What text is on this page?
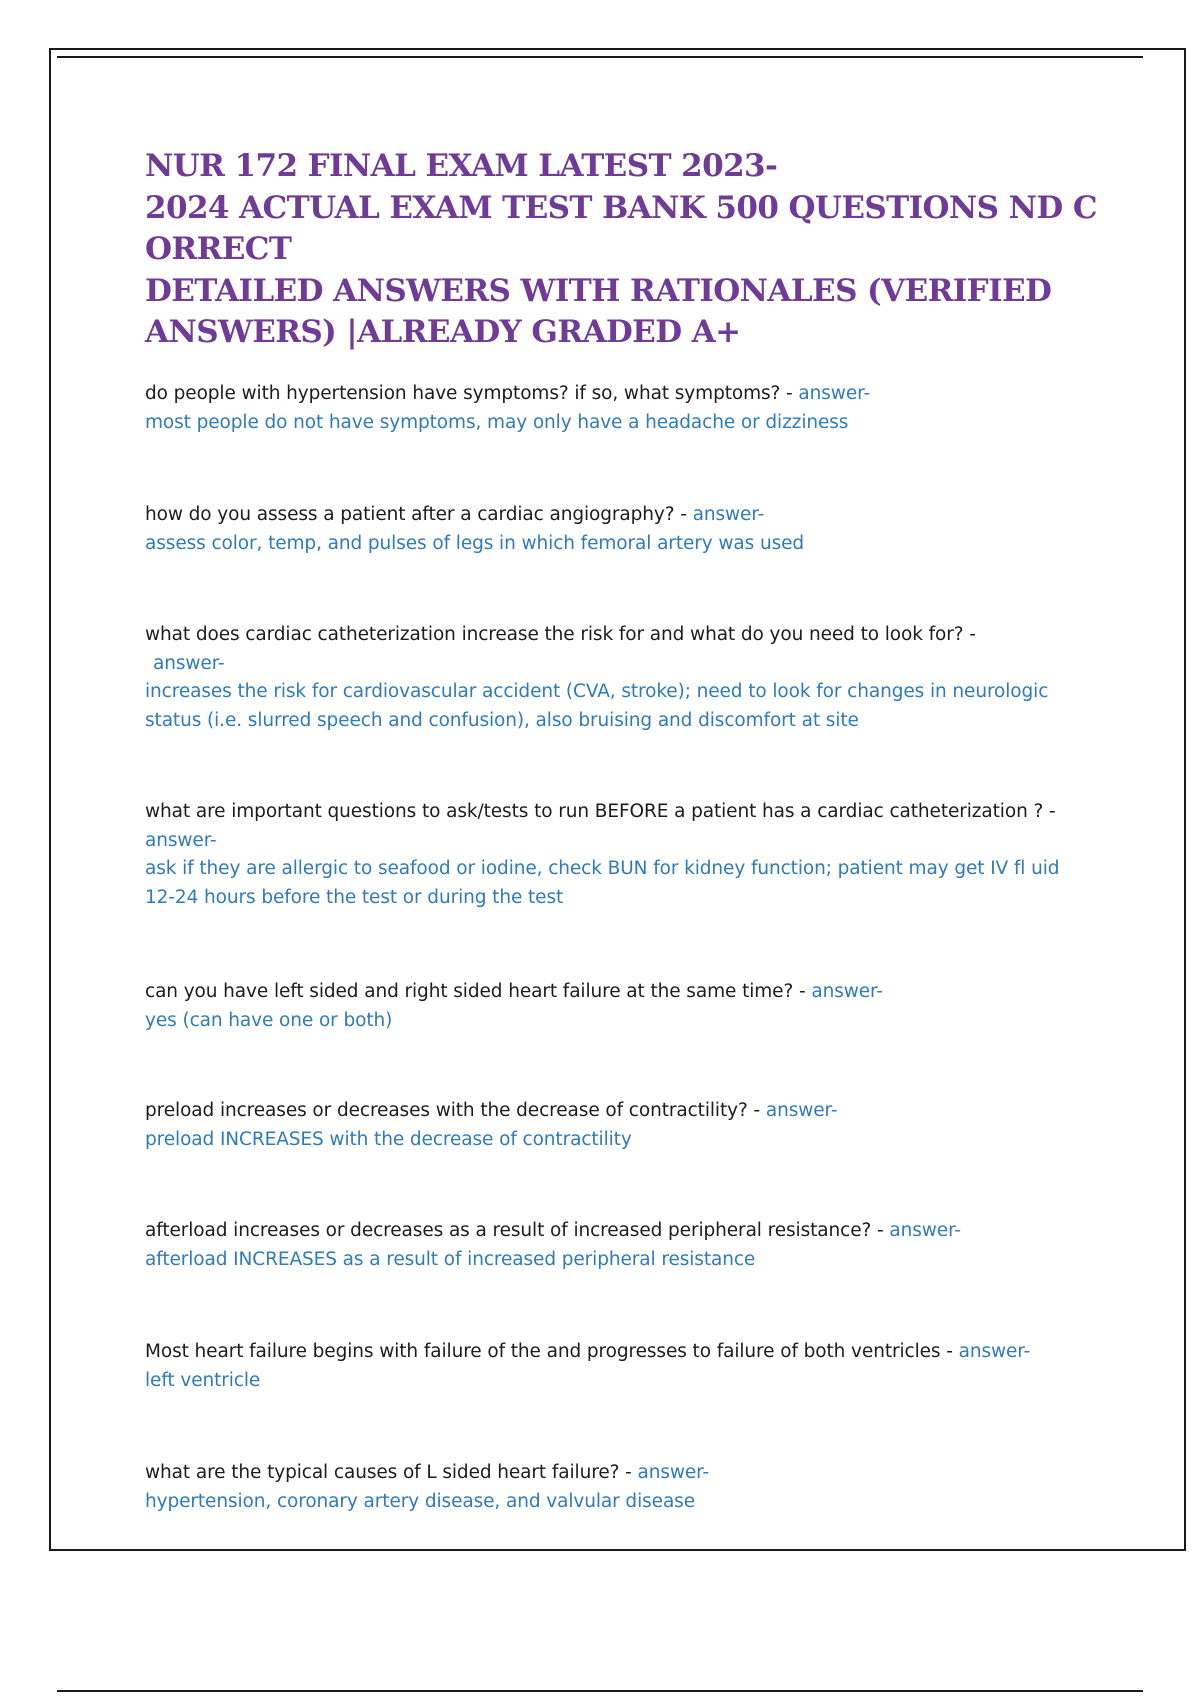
NUR 172 FINAL EXAM LATEST 2023-
2024 ACTUAL EXAM TEST BANK 500 QUESTIONS ND C
ORRECT
DETAILED ANSWERS WITH RATIONALES (VERIFIED
ANSWERS) |ALREADY GRADED A+
do people with hypertension have symptoms? if so, what symptoms? - answer-
most people do not have symptoms, may only have a headache or dizziness
how do you assess a patient after a cardiac angiography? - answer-
assess color, temp, and pulses of legs in which femoral artery was used
what does cardiac catheterization increase the risk for and what do you need to look for? -
answer-
increases the risk for cardiovascular accident (CVA, stroke); need to look for changes in neurologic status (i.e. slurred speech and confusion), also bruising and discomfort at site
what are important questions to ask/tests to run BEFORE a patient has a cardiac catheterization ? - answer-
ask if they are allergic to seafood or iodine, check BUN for kidney function; patient may get IV fl uid 12-24 hours before the test or during the test
can you have left sided and right sided heart failure at the same time? - answer-
yes (can have one or both)
preload increases or decreases with the decrease of contractility? - answer-
preload INCREASES with the decrease of contractility
afterload increases or decreases as a result of increased peripheral resistance? - answer-
afterload INCREASES as a result of increased peripheral resistance
Most heart failure begins with failure of the and progresses to failure of both ventricles - answer-
left ventricle
what are the typical causes of L sided heart failure? - answer-
hypertension, coronary artery disease, and valvular disease
